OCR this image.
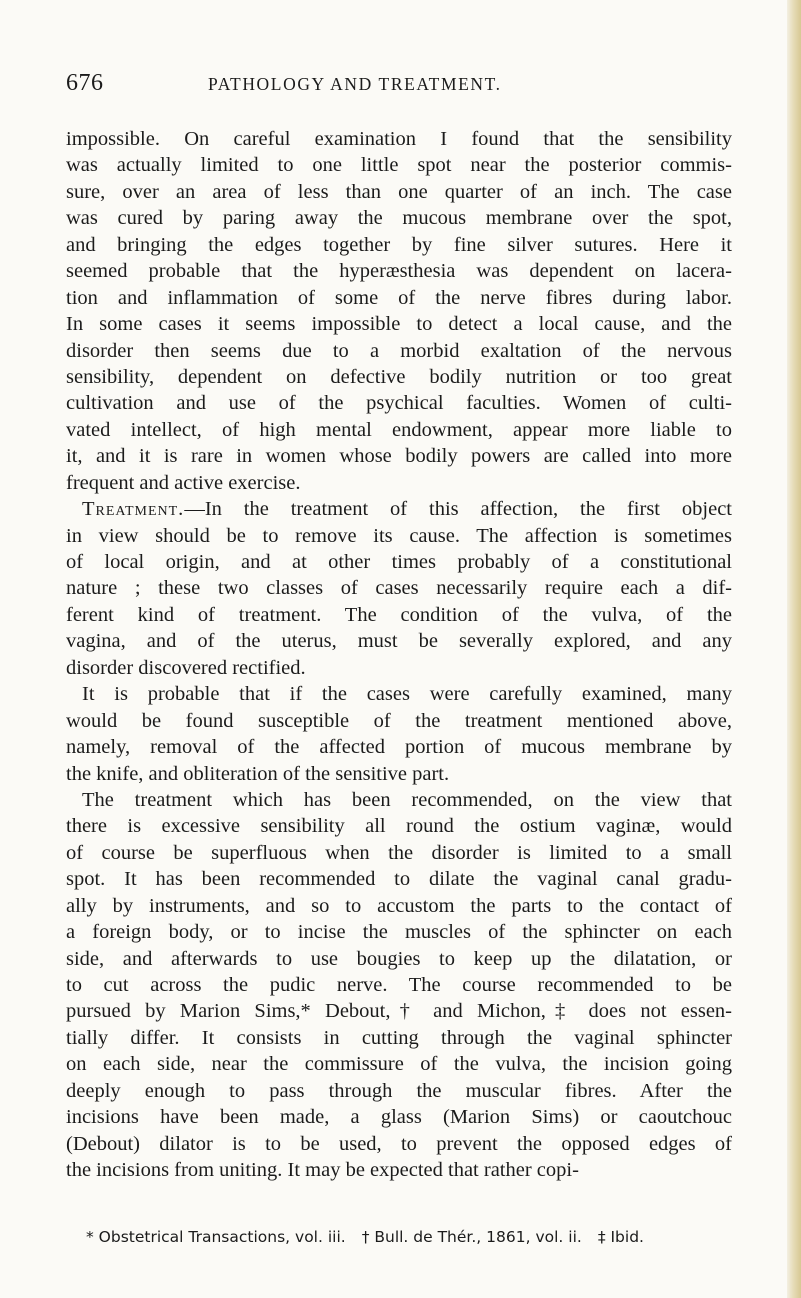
676	PATHOLOGY AND TREATMENT.
impossible. On careful examination I found that the sensibility
was actually limited to one little spot near the posterior commis-
sure, over an area of less than one quarter of an inch. The case
was cured by paring away the mucous membrane over the spot,
and bringing the edges together by fine silver sutures. Here it
seemed probable that the hyperæsthesia was dependent on lacera-
tion and inflammation of some of the nerve fibres during labor.
In some cases it seems impossible to detect a local cause, and the
disorder then seems due to a morbid exaltation of the nervous
sensibility, dependent on defective bodily nutrition or too great
cultivation and use of the psychical faculties. Women of culti-
vated intellect, of high mental endowment, appear more liable to
it, and it is rare in women whose bodily powers are called into more
frequent and active exercise.
Treatment.—In the treatment of this affection, the first object
in view should be to remove its cause. The affection is sometimes
of local origin, and at other times probably of a constitutional
nature ; these two classes of cases necessarily require each a dif-
ferent kind of treatment. The condition of the vulva, of the
vagina, and of the uterus, must be severally explored, and any
disorder discovered rectified.
It is probable that if the cases were carefully examined, many
would be found susceptible of the treatment mentioned above,
namely, removal of the affected portion of mucous membrane by
the knife, and obliteration of the sensitive part.
The treatment which has been recommended, on the view that
there is excessive sensibility all round the ostium vaginæ, would
of course be superfluous when the disorder is limited to a small
spot. It has been recommended to dilate the vaginal canal gradu-
ally by instruments, and so to accustom the parts to the contact of
a foreign body, or to incise the muscles of the sphincter on each
side, and afterwards to use bougies to keep up the dilatation, or
to cut across the pudic nerve. The course recommended to be
pursued by Marion Sims,* Debout,† and Michon,‡ does not essen-
tially differ. It consists in cutting through the vaginal sphincter
on each side, near the commissure of the vulva, the incision going
deeply enough to pass through the muscular fibres. After the
incisions have been made, a glass (Marion Sims) or caoutchouc
(Debout) dilator is to be used, to prevent the opposed edges of
the incisions from uniting. It may be expected that rather copi-
* Obstetrical Transactions, vol. iii. † Bull. de Thér., 1861, vol. ii. ‡ Ibid.
